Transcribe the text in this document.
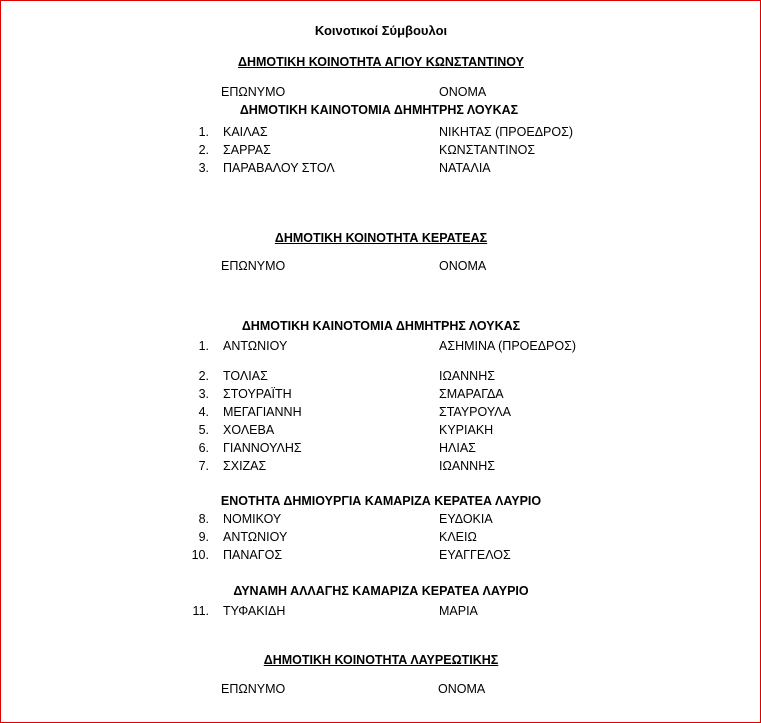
Κοινοτικοί Σύμβουλοι
ΔΗΜΟΤΙΚΗ ΚΟΙΝΟΤΗΤΑ ΑΓΙΟΥ ΚΩΝΣΤΑΝΤΙΝΟΥ
ΕΠΩΝΥΜΟ	ΟΝΟΜΑ
ΔΗΜΟΤΙΚΗ ΚΑΙΝΟΤΟΜΙΑ ΔΗΜΗΤΡΗΣ ΛΟΥΚΑΣ
1. ΚΑΙΛΑΣ	ΝΙΚΗΤΑΣ (ΠΡΟΕΔΡΟΣ)
2. ΣΑΡΡΑΣ	ΚΩΝΣΤΑΝΤΙΝΟΣ
3. ΠΑΡΑΒΑΛΟΥ ΣΤΟΛ	ΝΑΤΑΛΙΑ
ΔΗΜΟΤΙΚΗ ΚΟΙΝΟΤΗΤΑ ΚΕΡΑΤΕΑΣ
ΕΠΩΝΥΜΟ	ΟΝΟΜΑ
ΔΗΜΟΤΙΚΗ ΚΑΙΝΟΤΟΜΙΑ ΔΗΜΗΤΡΗΣ ΛΟΥΚΑΣ
1. ΑΝΤΩΝΙΟΥ	ΑΣΗΜΙΝΑ (ΠΡΟΕΔΡΟΣ)
2. ΤΟΛΙΑΣ	ΙΩΑΝΝΗΣ
3. ΣΤΟΥΡΑΪΤΗ	ΣΜΑΡΑΓΔΑ
4. ΜΕΓΑΓΙΑΝΝΗ	ΣΤΑΥΡΟΥΛΑ
5. ΧΟΛΕΒΑ	ΚΥΡΙΑΚΗ
6. ΓΙΑΝΝΟΥΛΗΣ	ΗΛΙΑΣ
7. ΣΧΙΖΑΣ	ΙΩΑΝΝΗΣ
ΕΝΟΤΗΤΑ ΔΗΜΙΟΥΡΓΙΑ ΚΑΜΑΡΙΖΑ ΚΕΡΑΤΕΑ ΛΑΥΡΙΟ
8. ΝΟΜΙΚΟΥ	ΕΥΔΟΚΙΑ
9. ΑΝΤΩΝΙΟΥ	ΚΛΕΙΩ
10. ΠΑΝΑΓΟΣ	ΕΥΑΓΓΕΛΟΣ
ΔΥΝΑΜΗ ΑΛΛΑΓΗΣ ΚΑΜΑΡΙΖΑ ΚΕΡΑΤΕΑ ΛΑΥΡΙΟ
11. ΤΥΦΑΚΙΔΗ	ΜΑΡΙΑ
ΔΗΜΟΤΙΚΗ ΚΟΙΝΟΤΗΤΑ ΛΑΥΡΕΩΤΙΚΗΣ
ΕΠΩΝΥΜΟ	ΟΝΟΜΑ
